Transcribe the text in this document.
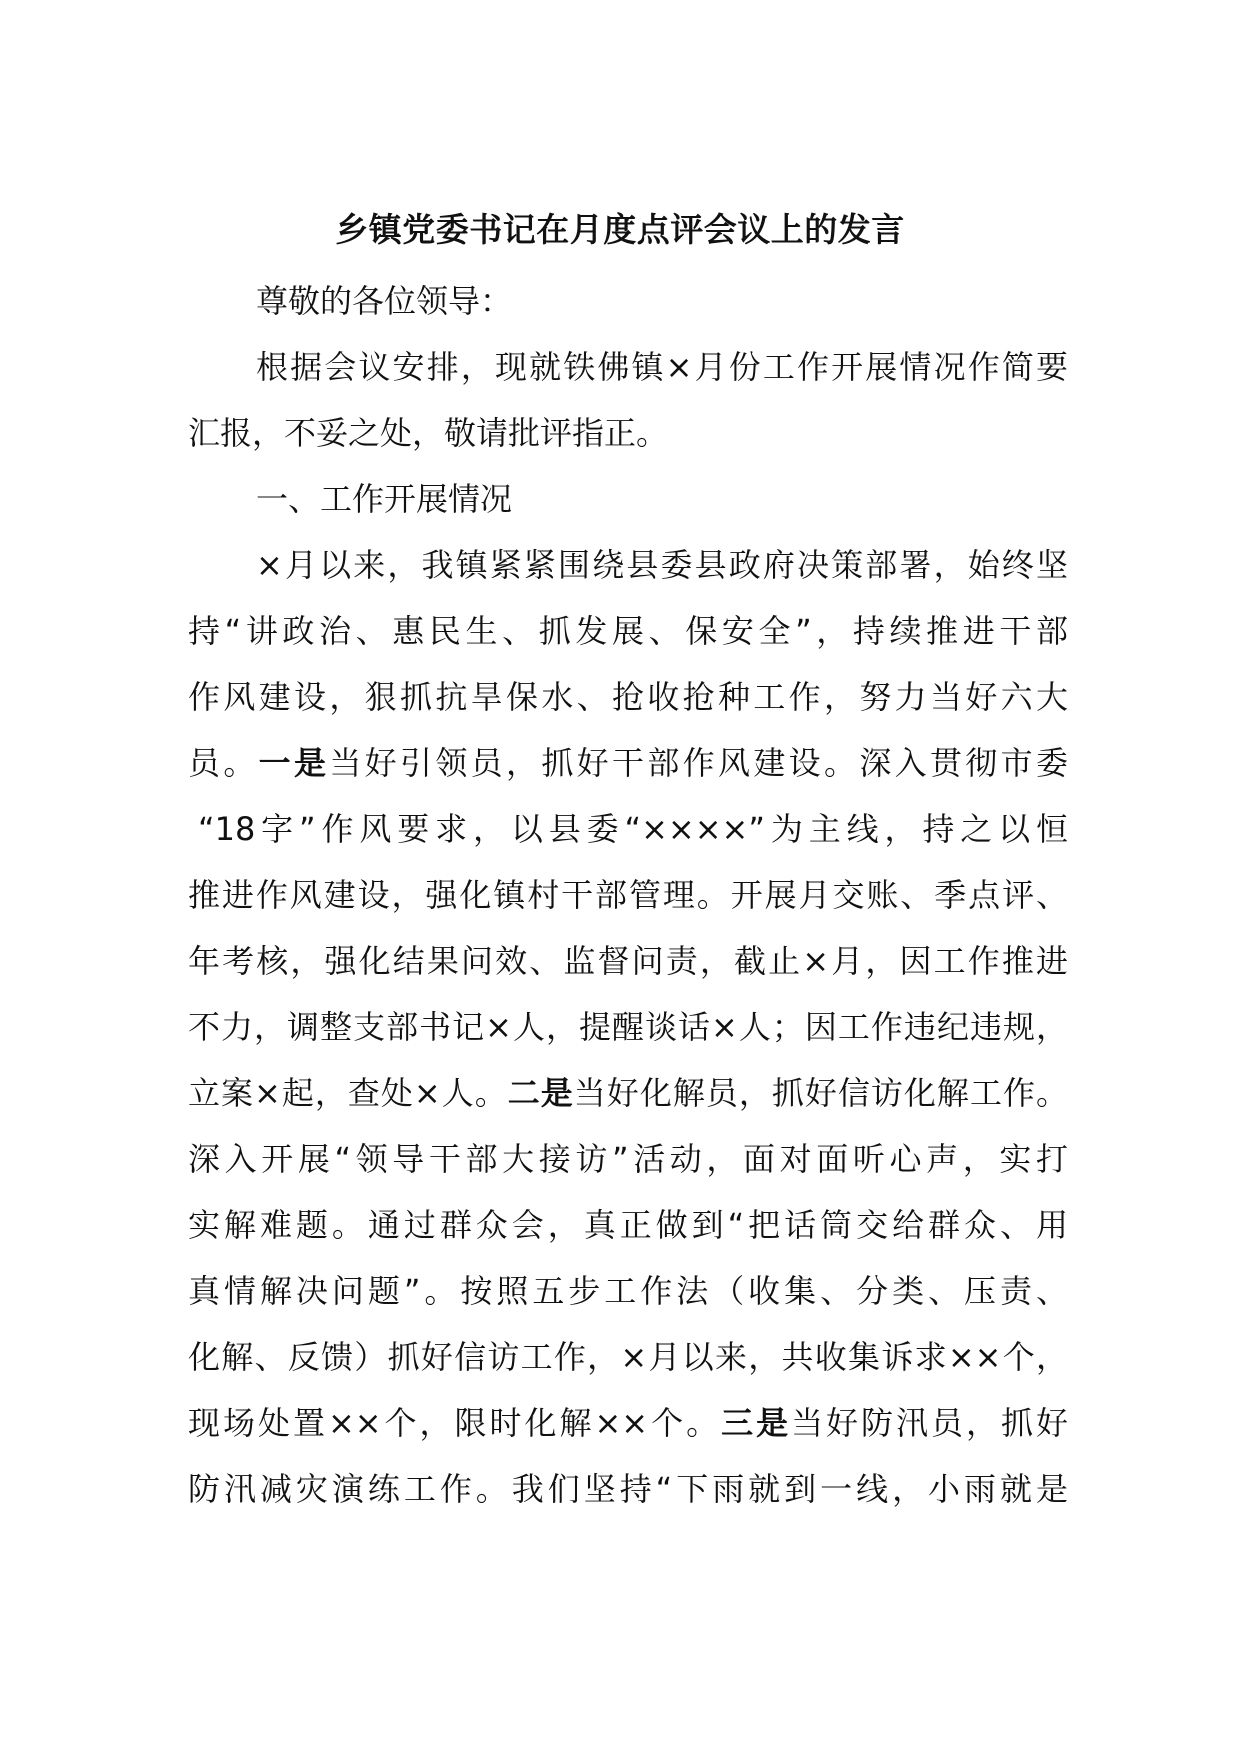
乡镇党委书记在月度点评会议上的发言
尊敬的各位领导：
根据会议安排，现就铁佛镇×月份工作开展情况作简要
汇报，不妥之处，敬请批评指正。
一、工作开展情况
×月以来，我镇紧紧围绕县委县政府决策部署，始终坚
持“讲政治、惠民生、抓发展、保安全”，持续推进干部
作风建设，狠抓抗旱保水、抢收抢种工作，努力当好六大
员。一是当好引领员，抓好干部作风建设。深入贯彻市委
“18字”作风要求，以县委“××××”为主线，持之以恒
推进作风建设，强化镇村干部管理。开展月交账、季点评、
年考核，强化结果问效、监督问责，截止×月，因工作推进
不力，调整支部书记×人，提醒谈话×人；因工作违纪违规，
立案×起，查处×人。二是当好化解员，抓好信访化解工作。
深入开展“领导干部大接访”活动，面对面听心声，实打
实解难题。通过群众会，真正做到“把话筒交给群众、用
真情解决问题”。按照五步工作法（收集、分类、压责、
化解、反馈）抓好信访工作，×月以来，共收集诉求××个，
现场处置××个，限时化解××个。三是当好防汛员，抓好
防汛减灾演练工作。我们坚持“下雨就到一线，小雨就是
